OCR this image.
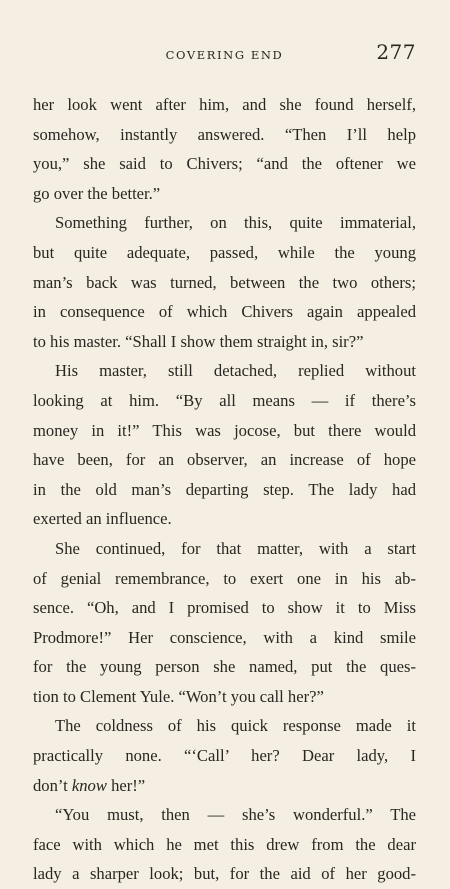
COVERING END	277
her look went after him, and she found herself,
somehow, instantly answered. “Then I’ll help
you,” she said to Chivers; “and the oftener we
go over the better.”
Something further, on this, quite immaterial,
but quite adequate, passed, while the young
man’s back was turned, between the two others;
in consequence of which Chivers again appealed
to his master. “Shall I show them straight in, sir?”
His master, still detached, replied without
looking at him. “By all means — if there’s
money in it!” This was jocose, but there would
have been, for an observer, an increase of hope
in the old man’s departing step. The lady had
exerted an influence.
She continued, for that matter, with a start
of genial remembrance, to exert one in his ab-
sence. “Oh, and I promised to show it to Miss
Prodmore!” Her conscience, with a kind smile
for the young person she named, put the ques-
tion to Clement Yule. “Won’t you call her?”
The coldness of his quick response made it
practically none. “‘Call’ her? Dear lady, I
don’t know her!”
“You must, then — she’s wonderful.” The
face with which he met this drew from the dear
lady a sharper look; but, for the aid of her good-
